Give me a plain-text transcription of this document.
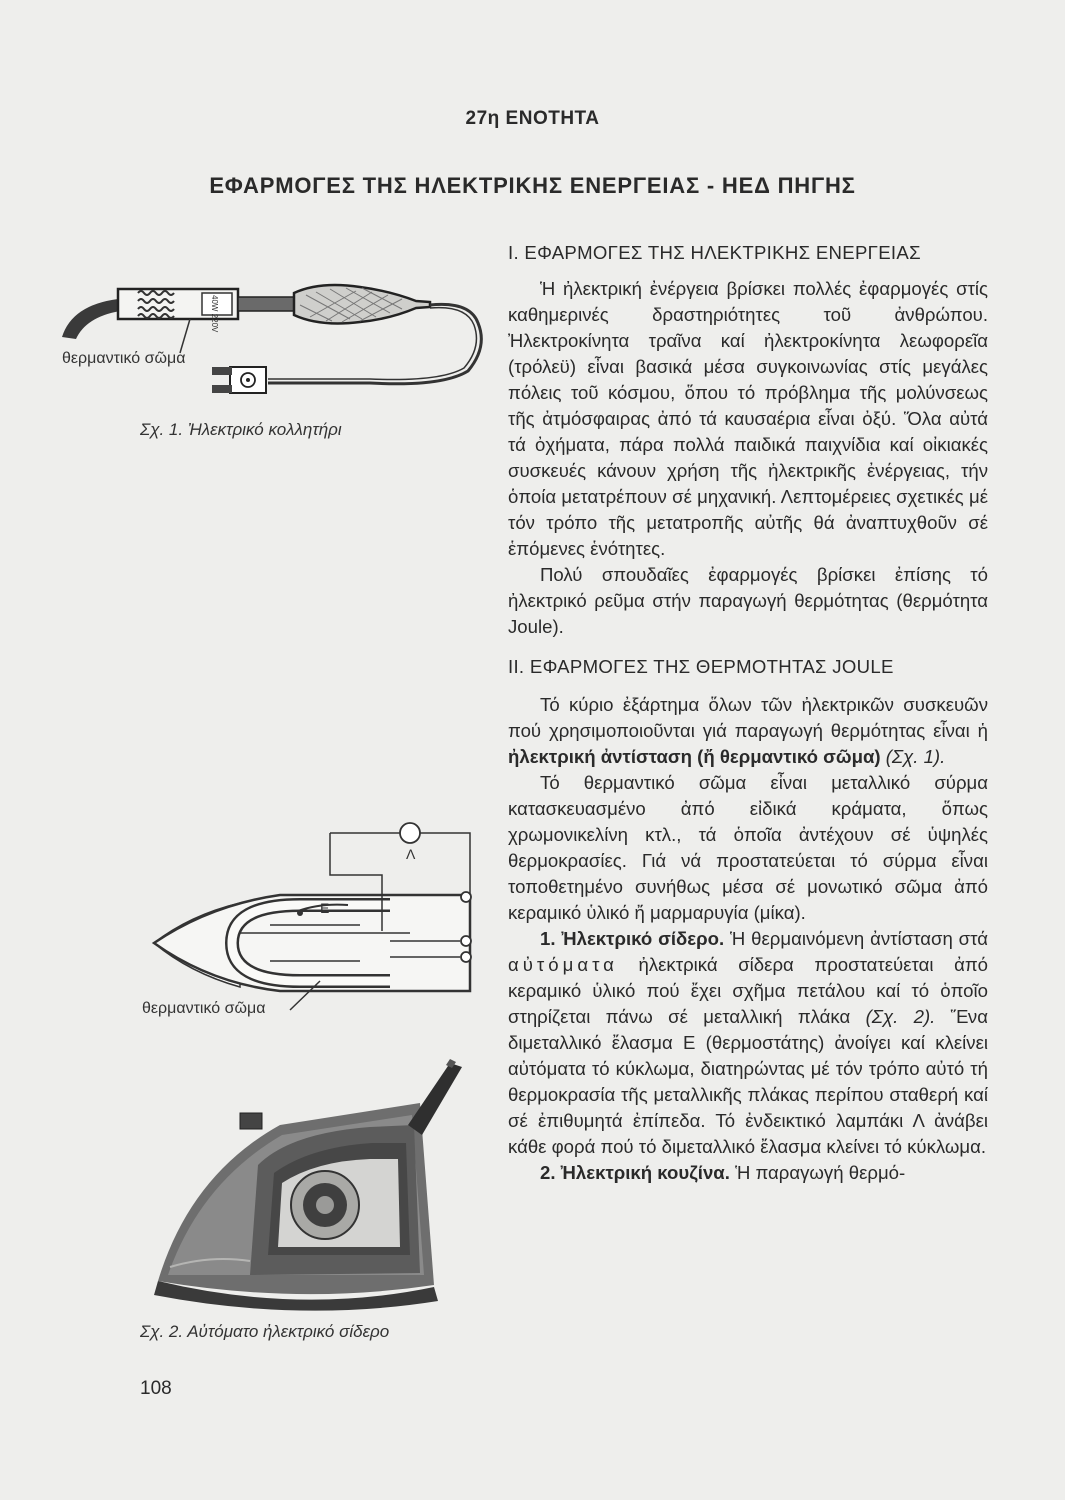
27η ΕΝΟΤΗΤΑ
ΕΦΑΡΜΟΓΕΣ ΤΗΣ ΗΛΕΚΤΡΙΚΗΣ ΕΝΕΡΓΕΙΑΣ - ΗΕΔ ΠΗΓΗΣ
40W 220V
θερμαντικό σῶμα
Σχ. 1. Ἠλεκτρικό κολλητήρι
Ε
Λ
θερμαντικό σῶμα
Σχ. 2. Αὐτόματο ἠλεκτρικό σίδερο
Ι. ΕΦΑΡΜΟΓΕΣ ΤΗΣ ΗΛΕΚΤΡΙΚΗΣ ΕΝΕΡΓΕΙΑΣ

Ἡ ἠλεκτρική ἐνέργεια βρίσκει πολλές ἐφαρμογές στίς καθημερινές δραστηριότητες τοῦ ἀνθρώπου. Ἠλεκτροκίνητα τραῖνα καί ἠλεκτροκίνητα λεωφορεῖα (τρόλεϋ) εἶναι βασικά μέσα συγκοινωνίας στίς μεγάλες πόλεις τοῦ κόσμου, ὅπου τό πρόβλημα τῆς μολύνσεως τῆς ἀτμόσφαιρας ἀπό τά καυσαέρια εἶναι ὀξύ. Ὅλα αὐτά τά ὀχήματα, πάρα πολλά παιδικά παιχνίδια καί οἰκιακές συσκευές κάνουν χρήση τῆς ἠλεκτρικῆς ἐνέργειας, τήν ὁποία μετατρέπουν σέ μηχανική. Λεπτομέρειες σχετικές μέ τόν τρόπο τῆς μετατροπῆς αὐτῆς θά ἀναπτυχθοῦν σέ ἑπόμενες ἑνότητες.

Πολύ σπουδαῖες ἐφαρμογές βρίσκει ἐπίσης τό ἠλεκτρικό ρεῦμα στήν παραγωγή θερμότητας (θερμότητα Joule).

ΙΙ. ΕΦΑΡΜΟΓΕΣ ΤΗΣ ΘΕΡΜΟΤΗΤΑΣ JOULE

Τό κύριο ἐξάρτημα ὅλων τῶν ἠλεκτρικῶν συσκευῶν πού χρησιμοποιοῦνται γιά παραγωγή θερμότητας εἶναι ἡ ἠλεκτρική ἀντίσταση (ἤ θερμαντικό σῶμα) (Σχ. 1).

Τό θερμαντικό σῶμα εἶναι μεταλλικό σύρμα κατασκευασμένο ἀπό εἰδικά κράματα, ὅπως χρωμονικελίνη κτλ., τά ὁποῖα ἀντέχουν σέ ὑψηλές θερμοκρασίες. Γιά νά προστατεύεται τό σύρμα εἶναι τοποθετημένο συνήθως μέσα σέ μονωτικό σῶμα ἀπό κεραμικό ὑλικό ἤ μαρμαρυγία (μίκα).

1. Ἠλεκτρικό σίδερο. Ἡ θερμαινόμενη ἀντίσταση στά αὐτόματα ἠλεκτρικά σίδερα προστατεύεται ἀπό κεραμικό ὑλικό πού ἔχει σχῆμα πετάλου καί τό ὁποῖο στηρίζεται πάνω σέ μεταλλική πλάκα (Σχ. 2). Ἕνα διμεταλλικό ἔλασμα Ε (θερμοστάτης) ἀνοίγει καί κλείνει αὐτόματα τό κύκλωμα, διατηρώντας μέ τόν τρόπο αὐτό τή θερμοκρασία τῆς μεταλλικῆς πλάκας περίπου σταθερή καί σέ ἐπιθυμητά ἐπίπεδα. Τό ἐνδεικτικό λαμπάκι Λ ἀνάβει κάθε φορά πού τό διμεταλλικό ἔλασμα κλείνει τό κύκλωμα.

2. Ἠλεκτρική κουζίνα. Ἡ παραγωγή θερμό-

108
